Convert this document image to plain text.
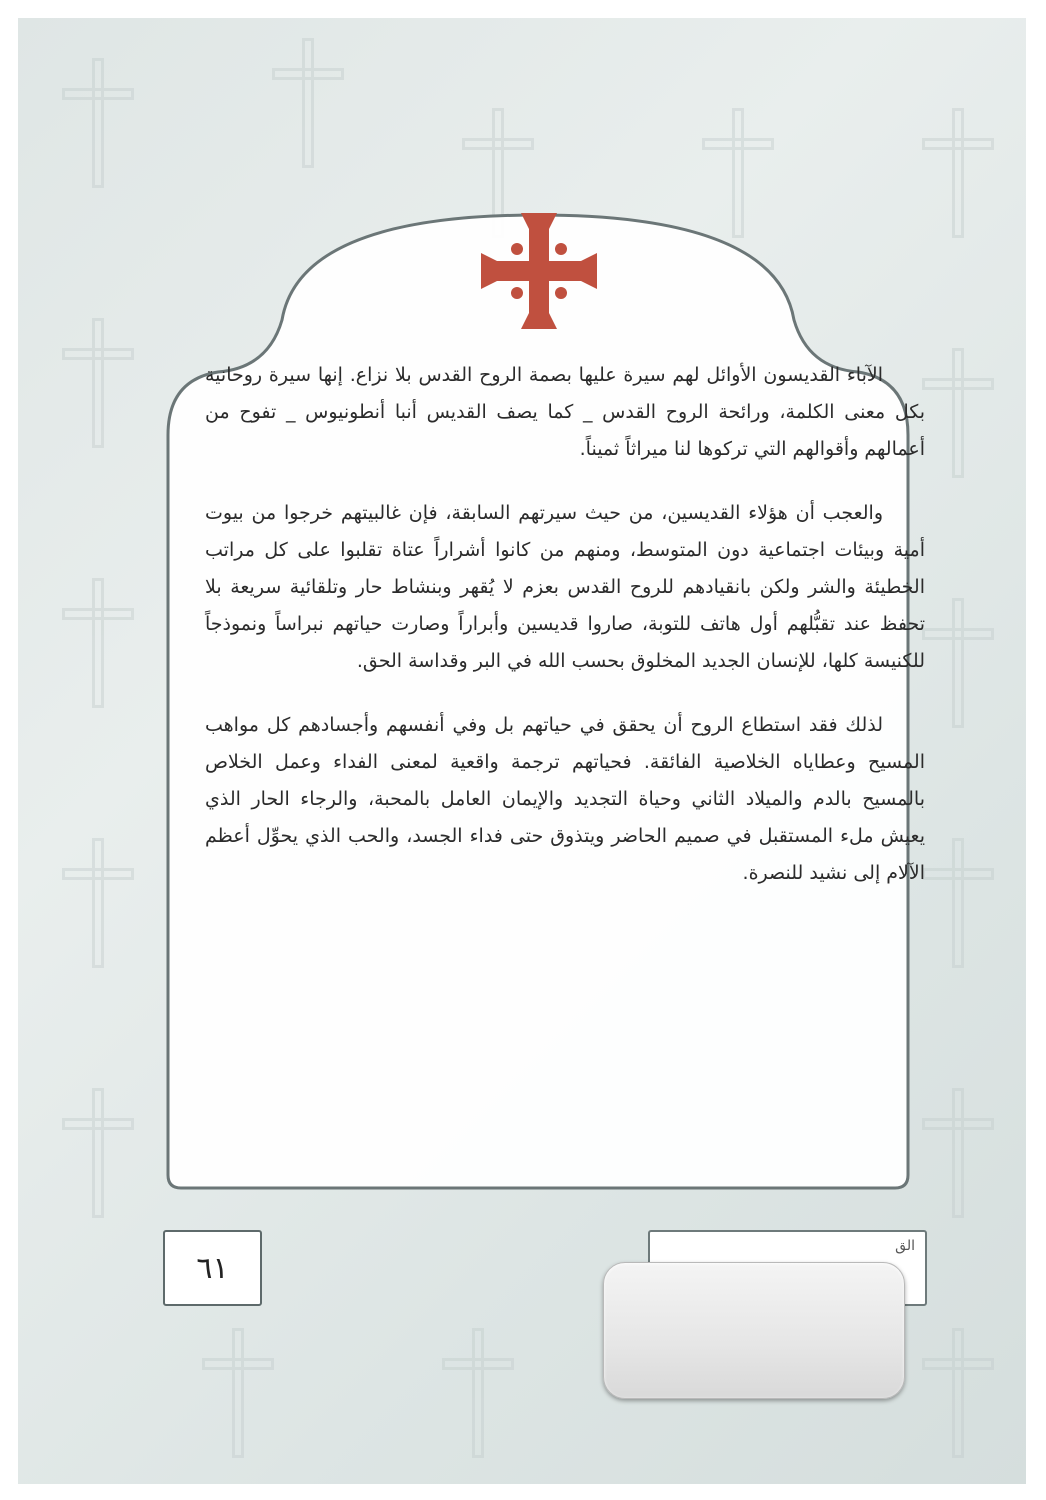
الآباء القديسون الأوائل لهم سيرة عليها بصمة الروح القدس بلا نزاع. إنها سيرة روحانية بكل معنى الكلمة، ورائحة الروح القدس _ كما يصف القديس أنبا أنطونيوس _ تفوح من أعمالهم وأقوالهم التي تركوها لنا ميراثاً ثميناً.

والعجب أن هؤلاء القديسين، من حيث سيرتهم السابقة، فإن غالبيتهم خرجوا من بيوت أمية وبيئات اجتماعية دون المتوسط، ومنهم من كانوا أشراراً عتاة تقلبوا على كل مراتب الخطيئة والشر ولكن بانقيادهم للروح القدس بعزم لا يُقهر وبنشاط حار وتلقائية سريعة بلا تحفظ عند تقبُّلهم أول هاتف للتوبة، صاروا قديسين وأبراراً وصارت حياتهم نبراساً ونموذجاً للكنيسة كلها، للإنسان الجديد المخلوق بحسب الله في البر وقداسة الحق.

لذلك فقد استطاع الروح أن يحقق في حياتهم بل وفي أنفسهم وأجسادهم كل مواهب المسيح وعطاياه الخلاصية الفائقة. فحياتهم ترجمة واقعية لمعنى الفداء وعمل الخلاص بالمسيح بالدم والميلاد الثاني وحياة التجديد والإيمان العامل بالمحبة، والرجاء الحار الذي يعيش ملء المستقبل في صميم الحاضر ويتذوق حتى فداء الجسد، والحب الذي يحوِّل أعظم الآلام إلى نشيد للنصرة.

٦١
الق
